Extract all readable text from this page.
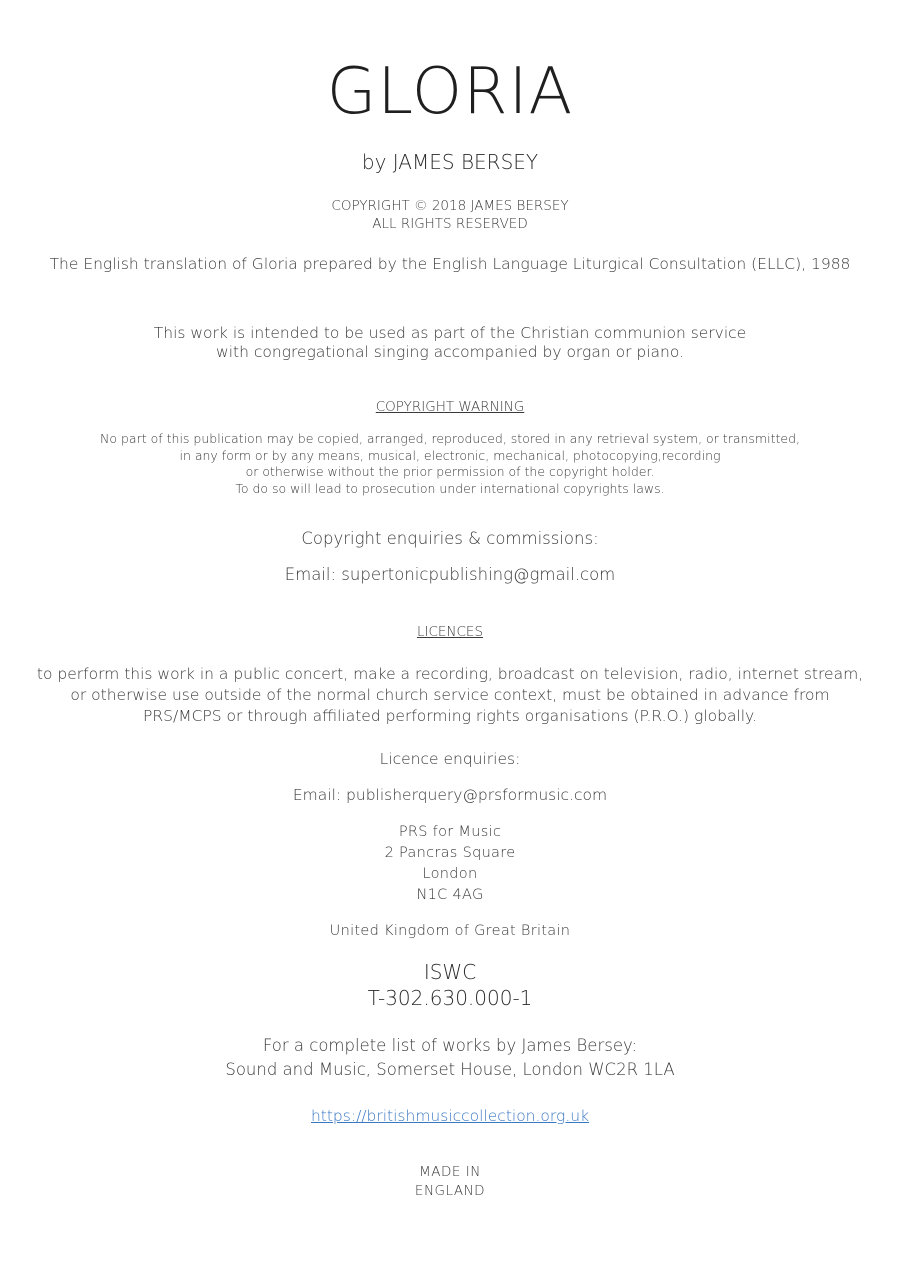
GLORIA

by JAMES BERSEY

COPYRIGHT © 2018 JAMES BERSEY

ALL RIGHTS RESERVED

The English translation of Gloria prepared by the English Language Liturgical Consultation (ELLC), 1988

This work is intended to be used as part of the Christian communion service

with congregational singing accompanied by organ or piano.

COPYRIGHT WARNING

No part of this publication may be copied, arranged, reproduced, stored in any retrieval system, or transmitted,

in any form or by any means, musical, electronic, mechanical, photocopying,recording

or otherwise without the prior permission of the copyright holder.

To do so will lead to prosecution under international copyrights laws.

Copyright enquiries & commissions:

Email: supertonicpublishing@gmail.com

LICENCES

to perform this work in a public concert, make a recording, broadcast on television, radio, internet stream,

or otherwise use outside of the normal church service context, must be obtained in advance from

PRS/MCPS or through affiliated performing rights organisations (P.R.O.) globally.

Licence enquiries:

Email: publisherquery@prsformusic.com

PRS for Music

2 Pancras Square

London

N1C 4AG

United Kingdom of Great Britain

ISWC

T-302.630.000-1

For a complete list of works by James Bersey:

Sound and Music, Somerset House, London WC2R 1LA

https://britishmusiccollection.org.uk

MADE IN

ENGLAND
